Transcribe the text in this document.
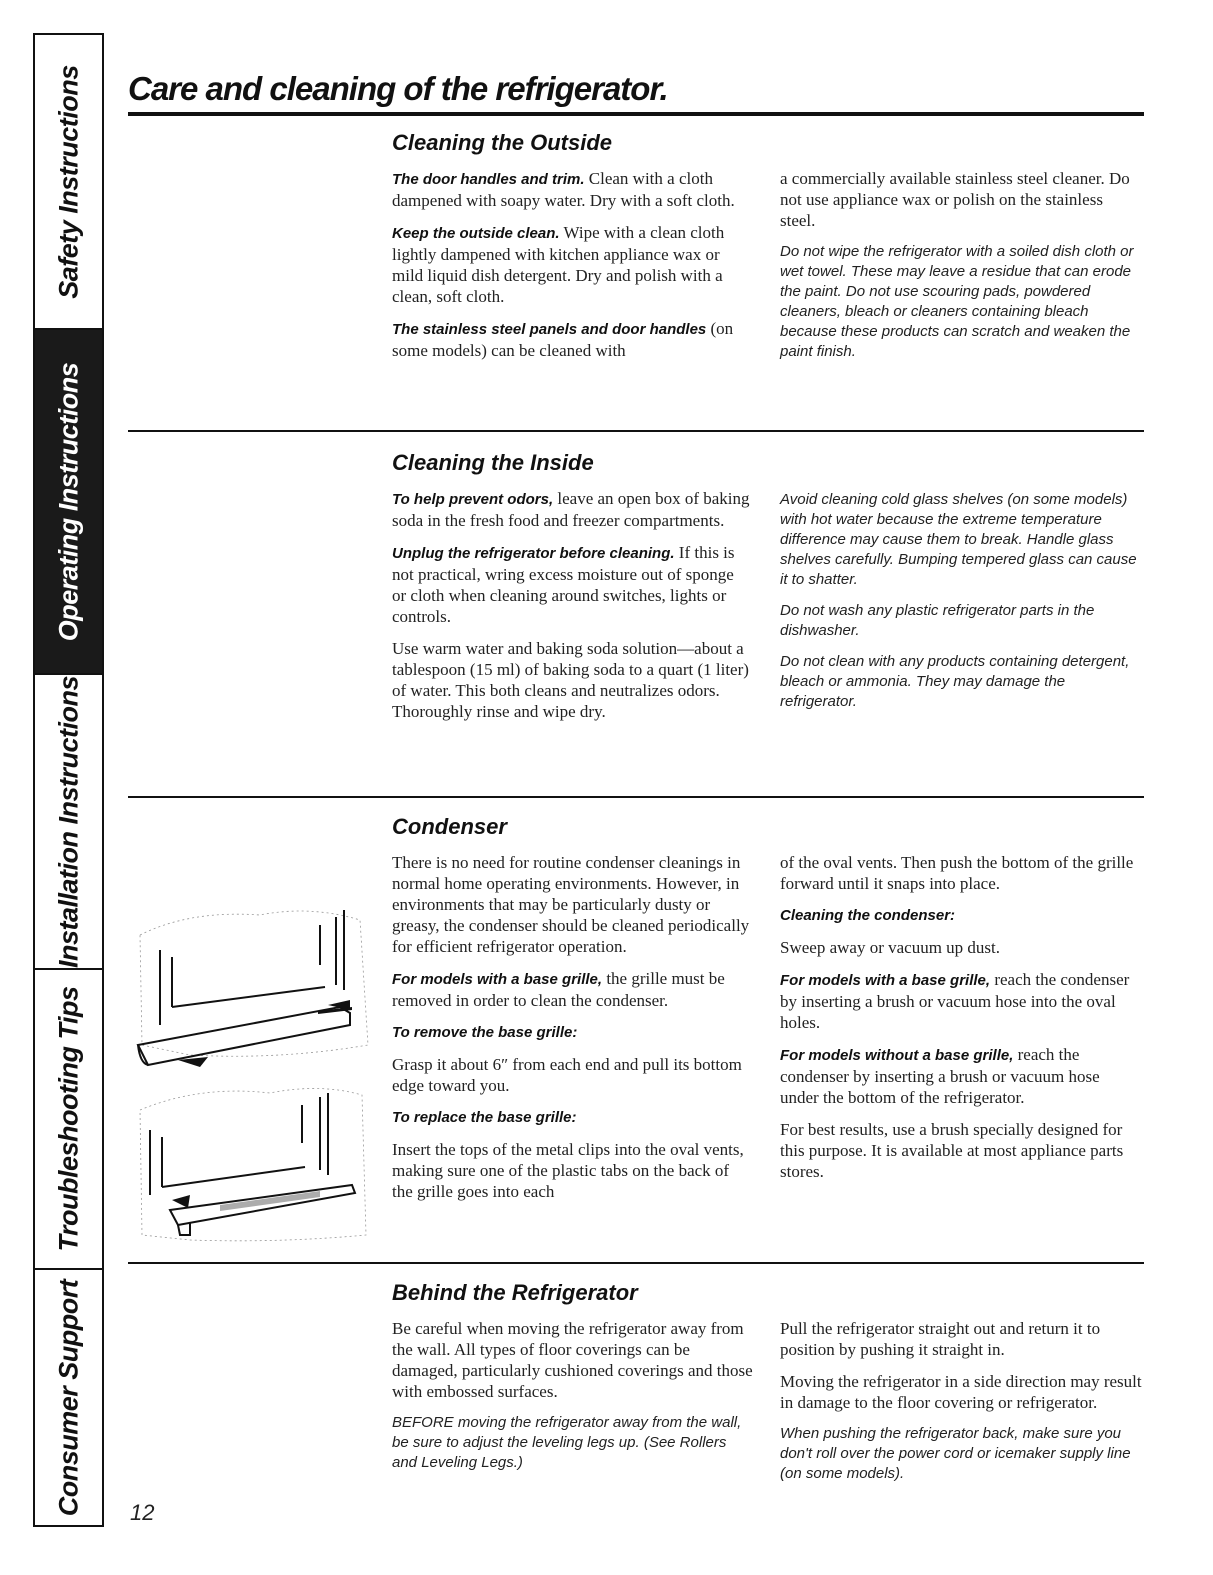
Safety Instructions
Operating Instructions
Installation Instructions
Troubleshooting Tips
Consumer Support
Care and cleaning of the refrigerator.
Cleaning the Outside

The door handles and trim. Clean with a cloth dampened with soapy water. Dry with a soft cloth.

Keep the outside clean. Wipe with a clean cloth lightly dampened with kitchen appliance wax or mild liquid dish detergent. Dry and polish with a clean, soft cloth.

The stainless steel panels and door handles (on some models) can be cleaned with

a commercially available stainless steel cleaner. Do not use appliance wax or polish on the stainless steel.

Do not wipe the refrigerator with a soiled dish cloth or wet towel. These may leave a residue that can erode the paint. Do not use scouring pads, powdered cleaners, bleach or cleaners containing bleach because these products can scratch and weaken the paint finish.

Cleaning the Inside

To help prevent odors, leave an open box of baking soda in the fresh food and freezer compartments.

Unplug the refrigerator before cleaning. If this is not practical, wring excess moisture out of sponge or cloth when cleaning around switches, lights or controls.

Use warm water and baking soda solution—about a tablespoon (15 ml) of baking soda to a quart (1 liter) of water. This both cleans and neutralizes odors. Thoroughly rinse and wipe dry.

Avoid cleaning cold glass shelves (on some models) with hot water because the extreme temperature difference may cause them to break. Handle glass shelves carefully. Bumping tempered glass can cause it to shatter.

Do not wash any plastic refrigerator parts in the dishwasher.

Do not clean with any products containing detergent, bleach or ammonia. They may damage the refrigerator.

Condenser

There is no need for routine condenser cleanings in normal home operating environments. However, in environments that may be particularly dusty or greasy, the condenser should be cleaned periodically for efficient refrigerator operation.

For models with a base grille, the grille must be removed in order to clean the condenser.

To remove the base grille:

Grasp it about 6″ from each end and pull its bottom edge toward you.

To replace the base grille:

Insert the tops of the metal clips into the oval vents, making sure one of the plastic tabs on the back of the grille goes into each

of the oval vents. Then push the bottom of the grille forward until it snaps into place.

Cleaning the condenser:

Sweep away or vacuum up dust.

For models with a base grille, reach the condenser by inserting a brush or vacuum hose into the oval holes.

For models without a base grille, reach the condenser by inserting a brush or vacuum hose under the bottom of the refrigerator.

For best results, use a brush specially designed for this purpose. It is available at most appliance parts stores.

Behind the Refrigerator

Be careful when moving the refrigerator away from the wall. All types of floor coverings can be damaged, particularly cushioned coverings and those with embossed surfaces.

BEFORE moving the refrigerator away from the wall, be sure to adjust the leveling legs up. (See Rollers and Leveling Legs.)

Pull the refrigerator straight out and return it to position by pushing it straight in.

Moving the refrigerator in a side direction may result in damage to the floor covering or refrigerator.

When pushing the refrigerator back, make sure you don't roll over the power cord or icemaker supply line (on some models).

12
